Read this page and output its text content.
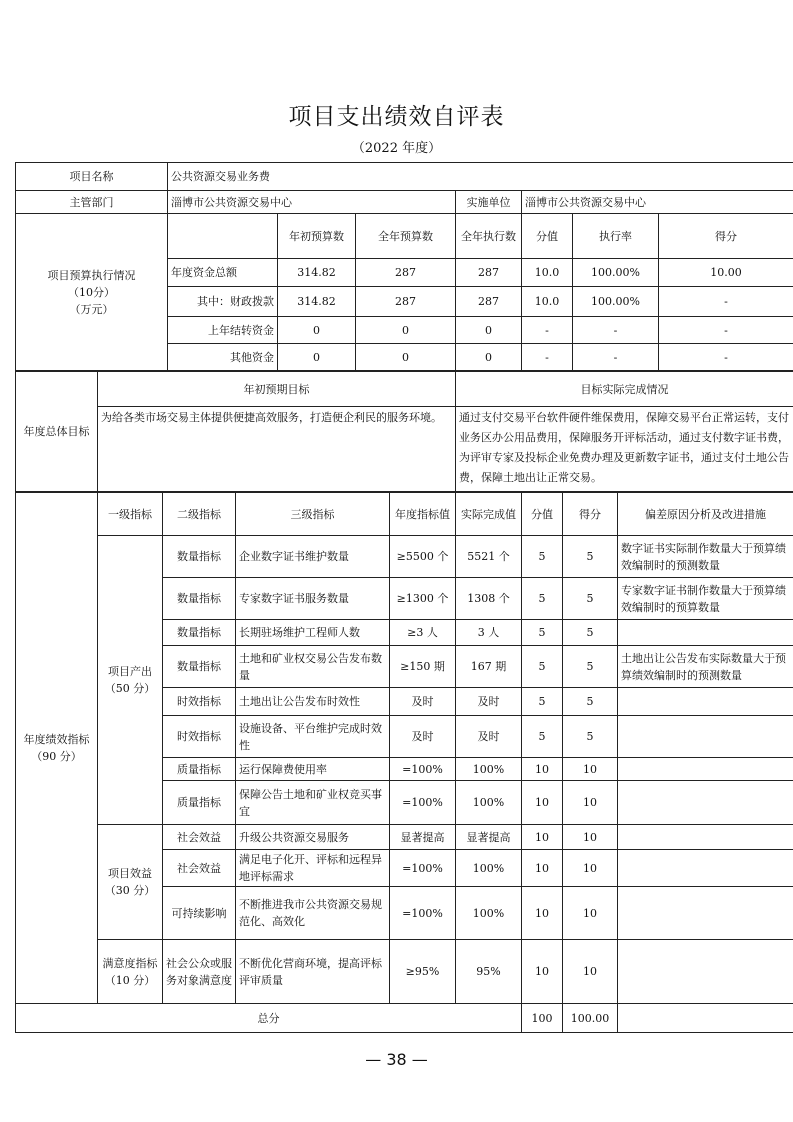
项目支出绩效自评表
（2022 年度）
项目名称	公共资源交易业务费						
主管部门	淄博市公共资源交易中心			实施单位	淄博市公共资源交易中心		

项目预算执行情况
（10分）
（万元）		年初预算数	全年预算数	全年执行数	分值	执行率	得分
	年度资金总额	314.82	287	287	10.0	100.00%	10.00
	其中：财政拨款	314.82	287	287	10.0	100.00%	-
	上年结转资金	0	0	0	-	-	-
	其他资金	0	0	0	-	-	-
年度总体目标	年初预期目标	目标实际完成情况
	为给各类市场交易主体提供便捷高效服务，打造便企利民的服务环境。	通过支付交易平台软件硬件维保费用，保障交易平台正常运转，支付业务区办公用品费用，保障服务开评标活动，通过支付数字证书费，为评审专家及投标企业免费办理及更新数字证书，通过支付土地公告费，保障土地出让正常交易。
年度绩效指标
（90 分）	一级指标	二级指标	三级指标	年度指标值	实际完成值	分值	得分	偏差原因分析及改进措施

	项目产出
（50 分）	数量指标	企业数字证书维护数量	≥5500 个	5521 个	5	5	数字证书实际制作数量大于预算绩效编制时的预测数量
		数量指标	专家数字证书服务数量	≥1300 个	1308 个	5	5	专家数字证书制作数量大于预算绩效编制时的预算数量
		数量指标	长期驻场维护工程师人数	≥3 人	3 人	5	5	
		数量指标	土地和矿业权交易公告发布数量	≥150 期	167 期	5	5	土地出让公告发布实际数量大于预算绩效编制时的预测数量
		时效指标	土地出让公告发布时效性	及时	及时	5	5	
		时效指标	设施设备、平台维护完成时效性	及时	及时	5	5	
		质量指标	运行保障费使用率	=100%	100%	10	10	
		质量指标	保障公告土地和矿业权竞买事宜	=100%	100%	10	10	

	项目效益
（30 分）	社会效益	升级公共资源交易服务	显著提高	显著提高	10	10	
		社会效益	满足电子化开、评标和远程异地评标需求	=100%	100%	10	10	
		可持续影响	不断推进我市公共资源交易规范化、高效化	=100%	100%	10	10	

	满意度指标
（10 分）	社会公众或服务对象满意度	不断优化营商环境，提高评标评审质量	≥95%	95%	10	10	
总分						100	100.00	
— 38 —
